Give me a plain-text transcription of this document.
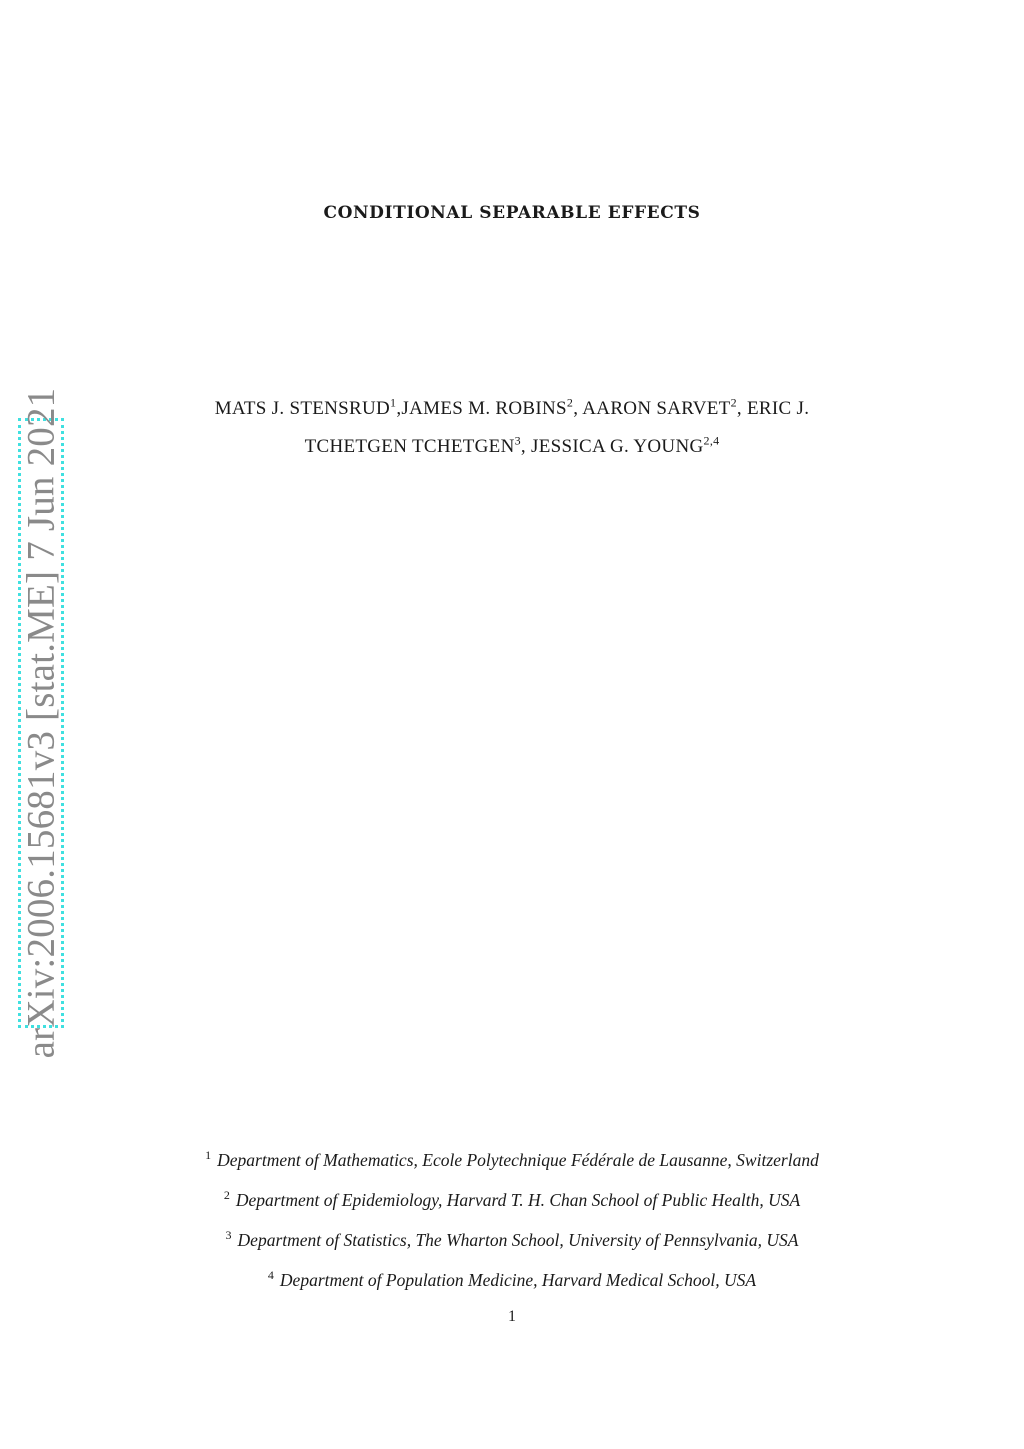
arXiv:2006.15681v3 [stat.ME] 7 Jun 2021
CONDITIONAL SEPARABLE EFFECTS
MATS J. STENSRUD$^1$,JAMES M. ROBINS$^2$, AARON SARVET$^2$, ERIC J.
TCHETGEN TCHETGEN$^3$, JESSICA G. YOUNG$^{2,4}$
$^1$ Department of Mathematics, Ecole Polytechnique Fédérale de Lausanne, Switzerland
$^2$ Department of Epidemiology, Harvard T. H. Chan School of Public Health, USA
$^3$ Department of Statistics, The Wharton School, University of Pennsylvania, USA
$^4$ Department of Population Medicine, Harvard Medical School, USA
1
